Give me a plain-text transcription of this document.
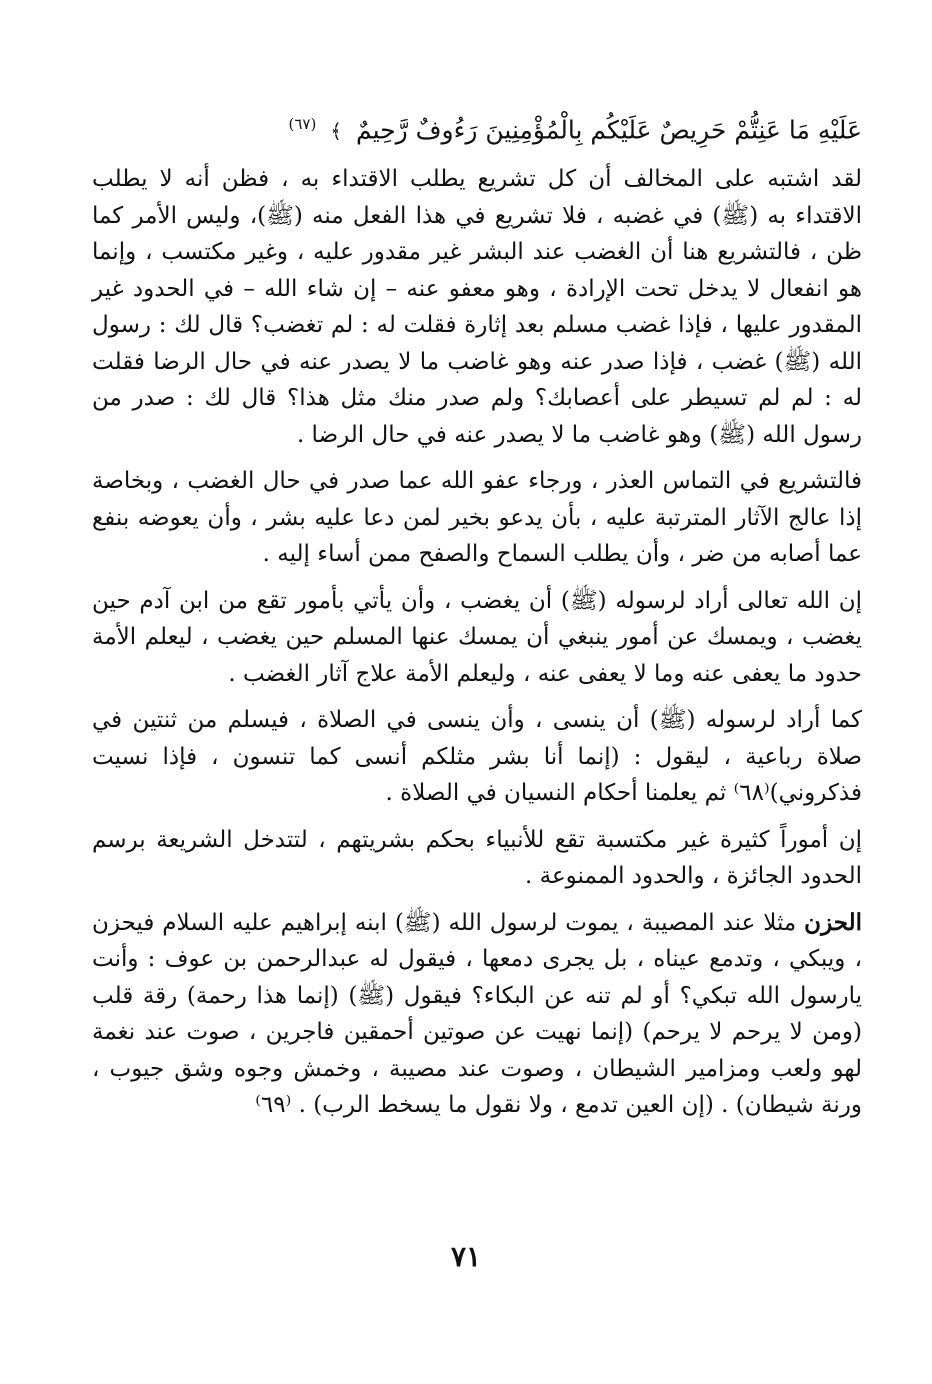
عَلَيْهِ مَا عَنِتُّمْ حَرِيصٌ عَلَيْكُم بِالْمُؤْمِنِينَ رَءُوفٌ رَّحِيمٌ ﴾ $^{(٦٧)}$

لقد اشتبه على المخالف أن كل تشريع يطلب الاقتداء به ، فظن أنه لا يطلب الاقتداء به (ﷺ) في غضبه ، فلا تشريع في هذا الفعل منه (ﷺ)، وليس الأمر كما ظن ، فالتشريع هنا أن الغضب عند البشر غير مقدور عليه ، وغير مكتسب ، وإنما هو انفعال لا يدخل تحت الإرادة ، وهو معفو عنه – إن شاء الله – في الحدود غير المقدور عليها ، فإذا غضب مسلم بعد إثارة فقلت له : لم تغضب؟ قال لك : رسول الله (ﷺ) غضب ، فإذا صدر عنه وهو غاضب ما لا يصدر عنه في حال الرضا فقلت له : لم لم تسيطر على أعصابك؟ ولم صدر منك مثل هذا؟ قال لك : صدر من رسول الله (ﷺ) وهو غاضب ما لا يصدر عنه في حال الرضا .

فالتشريع في التماس العذر ، ورجاء عفو الله عما صدر في حال الغضب ، وبخاصة إذا عالج الآثار المترتبة عليه ، بأن يدعو بخير لمن دعا عليه بشر ، وأن يعوضه بنفع عما أصابه من ضر ، وأن يطلب السماح والصفح ممن أساء إليه .

إن الله تعالى أراد لرسوله (ﷺ) أن يغضب ، وأن يأتي بأمور تقع من ابن آدم حين يغضب ، ويمسك عن أمور ينبغي أن يمسك عنها المسلم حين يغضب ، ليعلم الأمة حدود ما يعفى عنه وما لا يعفى عنه ، وليعلم الأمة علاج آثار الغضب .

كما أراد لرسوله (ﷺ) أن ينسى ، وأن ينسى في الصلاة ، فيسلم من ثنتين في صلاة رباعية ، ليقول : (إنما أنا بشر مثلكم أنسى كما تنسون ، فإذا نسيت فذكروني)⁽٦٨⁾ ثم يعلمنا أحكام النسيان في الصلاة .

إن أموراً كثيرة غير مكتسبة تقع للأنبياء بحكم بشريتهم ، لتتدخل الشريعة برسم الحدود الجائزة ، والحدود الممنوعة .

الحزن مثلا عند المصيبة ، يموت لرسول الله (ﷺ) ابنه إبراهيم عليه السلام فيحزن ، ويبكي ، وتدمع عيناه ، بل يجرى دمعها ، فيقول له عبدالرحمن بن عوف : وأنت يارسول الله تبكي؟ أو لم تنه عن البكاء؟ فيقول (ﷺ) (إنما هذا رحمة) رقة قلب (ومن لا يرحم لا يرحم) (إنما نهيت عن صوتين أحمقين فاجرين ، صوت عند نغمة لهو ولعب ومزامير الشيطان ، وصوت عند مصيبة ، وخمش وجوه وشق جيوب ، ورنة شيطان) . (إن العين تدمع ، ولا نقول ما يسخط الرب) . ⁽٦٩⁾

٧١
